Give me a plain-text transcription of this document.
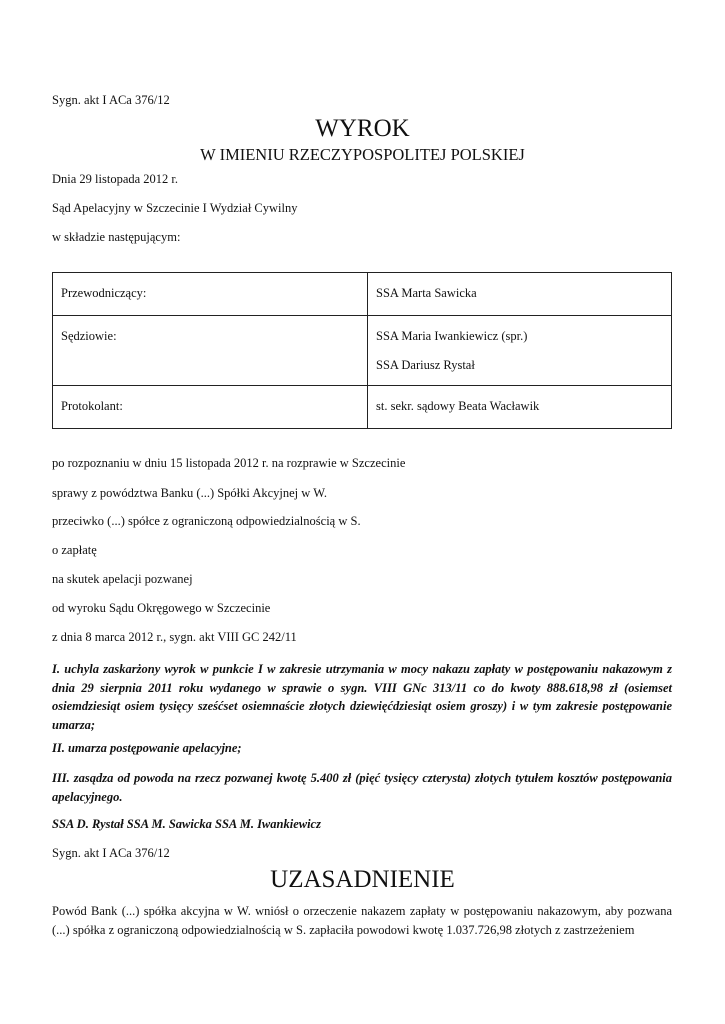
Sygn. akt I ACa 376/12
WYROK
W IMIENIU RZECZYPOSPOLITEJ POLSKIEJ
Dnia 29 listopada 2012 r.
Sąd Apelacyjny w Szczecinie I Wydział Cywilny
w składzie następującym:
Przewodniczący:	SSA Marta Sawicka
Sędziowie:	SSA Maria Iwankiewicz (spr.)
SSA Dariusz Rystał

Protokolant:	st. sekr. sądowy Beata Wacławik
po rozpoznaniu w dniu 15 listopada 2012 r. na rozprawie w Szczecinie
sprawy z powództwa Banku (...) Spółki Akcyjnej w W.
przeciwko (...) spółce z ograniczoną odpowiedzialnością w S.
o zapłatę
na skutek apelacji pozwanej
od wyroku Sądu Okręgowego w Szczecinie
z dnia 8 marca 2012 r., sygn. akt VIII GC 242/11
I. uchyla zaskarżony wyrok w punkcie I w zakresie utrzymania w mocy nakazu zapłaty w postępowaniu nakazowym z dnia 29 sierpnia 2011 roku wydanego w sprawie o sygn. VIII GNc 313/11 co do kwoty 888.618,98 zł (osiemset osiemdziesiąt osiem tysięcy sześćset osiemnaście złotych dziewięćdziesiąt osiem groszy) i w tym zakresie postępowanie umarza;
II. umarza postępowanie apelacyjne;
III. zasądza od powoda na rzecz pozwanej kwotę 5.400 zł (pięć tysięcy czterysta) złotych tytułem kosztów postępowania apelacyjnego.
SSA D. Rystał SSA M. Sawicka SSA M. Iwankiewicz
Sygn. akt I ACa 376/12
UZASADNIENIE
Powód Bank (...) spółka akcyjna w W. wniósł o orzeczenie nakazem zapłaty w postępowaniu nakazowym, aby pozwana (...) spółka z ograniczoną odpowiedzialnością w S. zapłaciła powodowi kwotę 1.037.726,98 złotych z zastrzeżeniem
